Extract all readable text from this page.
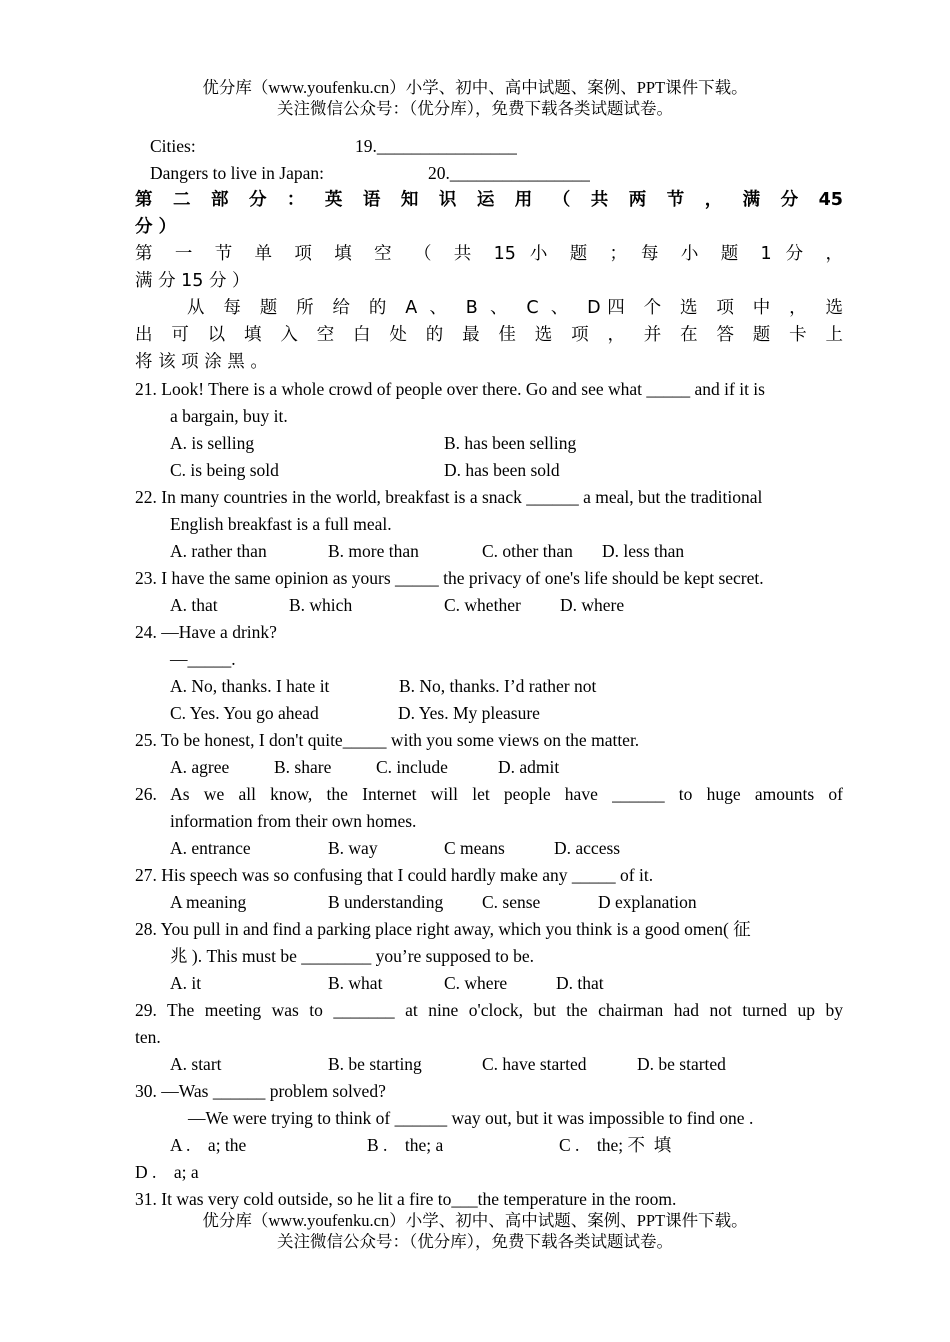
优分库（www.youfenku.cn）小学、初中、高中试题、案例、PPT课件下载。
关注微信公众号：（优分库），免费下载各类试题试卷。
Cities:	19.________________
Dangers to live in Japan:	20.________________
第 二 部 分 ： 英 语 知 识 运 用 （ 共 两 节 ， 满 分 45
分 ）
第 一 节 单 项 填 空 （ 共 15 小 题 ； 每 小 题 1 分 ，
满 分 15 分 ）
从 每 题 所 给 的 A 、 B 、 C 、 D四 个 选 项 中 ， 选
出 可 以 填 入 空 白 处 的 最 佳 选 项 ， 并 在 答 题 卡 上
将 该 项 涂 黑 。
21. Look! There is a whole crowd of people over there. Go and see what _____ and if it is
a bargain, buy it.
A. is selling	B. has been selling
C. is being sold	D. has been sold
22. In many countries in the world, breakfast is a snack ______ a meal, but the traditional
English breakfast is a full meal.
A. rather than	B. more than	C. other than D. less than
23. I have the same opinion as yours _____ the privacy of one's life should be kept secret.
A. that	B. which	C. whether D. where
24. —Have a drink?
—_____.
A. No, thanks. I hate it	B. No, thanks. I’d rather not
C. Yes. You go ahead	D. Yes. My pleasure
25. To be honest, I don't quite_____ with you some views on the matter.
A. agree	B. share	C. include	D. admit
26. As we all know, the Internet will let people have ______ to huge amounts of
information from their own homes.
A. entrance	B. way	C means	D. access
27. His speech was so confusing that I could hardly make any _____ of it.
A meaning	B understanding C. sense	D explanation
28. You pull in and find a parking place right away, which you think is a good omen( 征
兆 ). This must be ________ you’re supposed to be.
A. it	B. what	C. where	D. that
29. The meeting was to _______ at nine o'clock, but the chairman had not turned up by
ten.
A. start	B. be starting	C. have started	D. be started
30. —Was ______ problem solved?
—We were trying to think of ______ way out, but it was impossible to find one .
A .    a; the	B .    the; a	C .    the; 不  填
D .    a; a
31. It was very cold outside, so he lit a fire to___the temperature in the room.
优分库（www.youfenku.cn）小学、初中、高中试题、案例、PPT课件下载。
关注微信公众号：（优分库），免费下载各类试题试卷。
